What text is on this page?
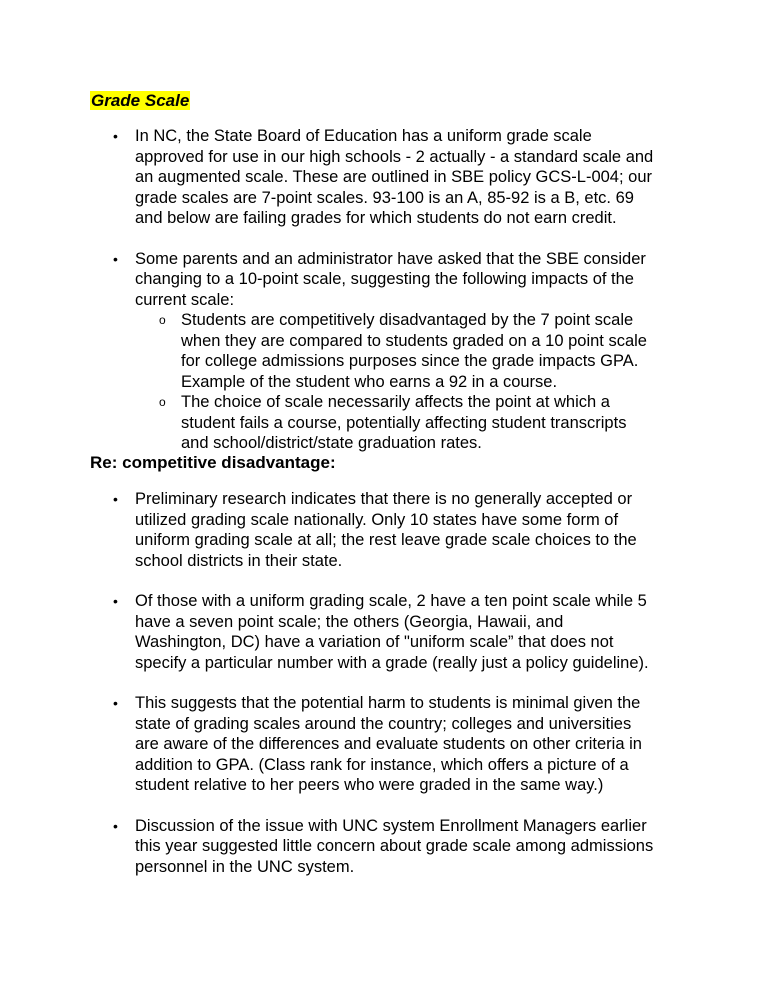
Grade Scale
• In NC, the State Board of Education has a uniform grade scale approved for use in our high schools - 2 actually - a standard scale and an augmented scale. These are outlined in SBE policy GCS-L-004; our grade scales are 7-point scales. 93-100 is an A, 85-92 is a B, etc. 69 and below are failing grades for which students do not earn credit.
• Some parents and an administrator have asked that the SBE consider changing to a 10-point scale, suggesting the following impacts of the current scale:
o Students are competitively disadvantaged by the 7 point scale when they are compared to students graded on a 10 point scale for college admissions purposes since the grade impacts GPA. Example of the student who earns a 92 in a course.
o The choice of scale necessarily affects the point at which a student fails a course, potentially affecting student transcripts and school/district/state graduation rates.
Re: competitive disadvantage:
• Preliminary research indicates that there is no generally accepted or utilized grading scale nationally. Only 10 states have some form of uniform grading scale at all; the rest leave grade scale choices to the school districts in their state.
• Of those with a uniform grading scale, 2 have a ten point scale while 5 have a seven point scale; the others (Georgia, Hawaii, and Washington, DC) have a variation of "uniform scale” that does not specify a particular number with a grade (really just a policy guideline).
• This suggests that the potential harm to students is minimal given the state of grading scales around the country; colleges and universities are aware of the differences and evaluate students on other criteria in addition to GPA. (Class rank for instance, which offers a picture of a student relative to her peers who were graded in the same way.)
• Discussion of the issue with UNC system Enrollment Managers earlier this year suggested little concern about grade scale among admissions personnel in the UNC system.
